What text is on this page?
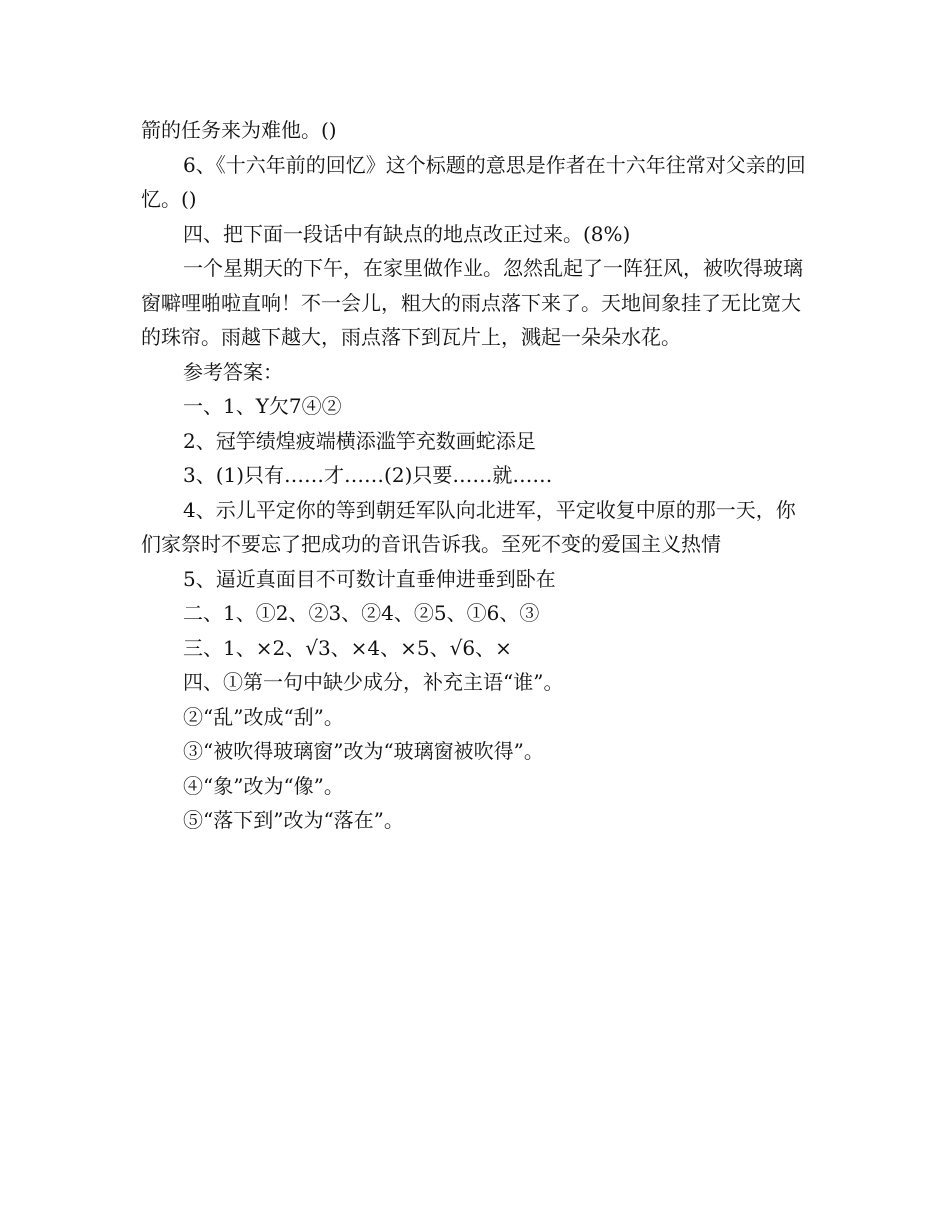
箭的任务来为难他。()

6、《十六年前的回忆》这个标题的意思是作者在十六年往常对父亲的回忆。()

四、把下面一段话中有缺点的地点改正过来。(8%)

一个星期天的下午，在家里做作业。忽然乱起了一阵狂风，被吹得玻璃窗噼哩啪啦直响！不一会儿，粗大的雨点落下来了。天地间象挂了无比宽大的珠帘。雨越下越大，雨点落下到瓦片上，溅起一朵朵水花。

参考答案：

一、1、Y欠7④②

2、冠竽绩煌疲端横添滥竽充数画蛇添足

3、(1)只有……才……(2)只要……就……

4、示儿平定你的等到朝廷军队向北进军，平定收复中原的那一天，你们家祭时不要忘了把成功的音讯告诉我。至死不变的爱国主义热情

5、逼近真面目不可数计直垂伸进垂到卧在

二、1、①2、②3、②4、②5、①6、③

三、1、×2、√3、×4、×5、√6、×

四、①第一句中缺少成分，补充主语“谁”。

②“乱”改成“刮”。

③“被吹得玻璃窗”改为“玻璃窗被吹得”。

④“象”改为“像”。

⑤“落下到”改为“落在”。
